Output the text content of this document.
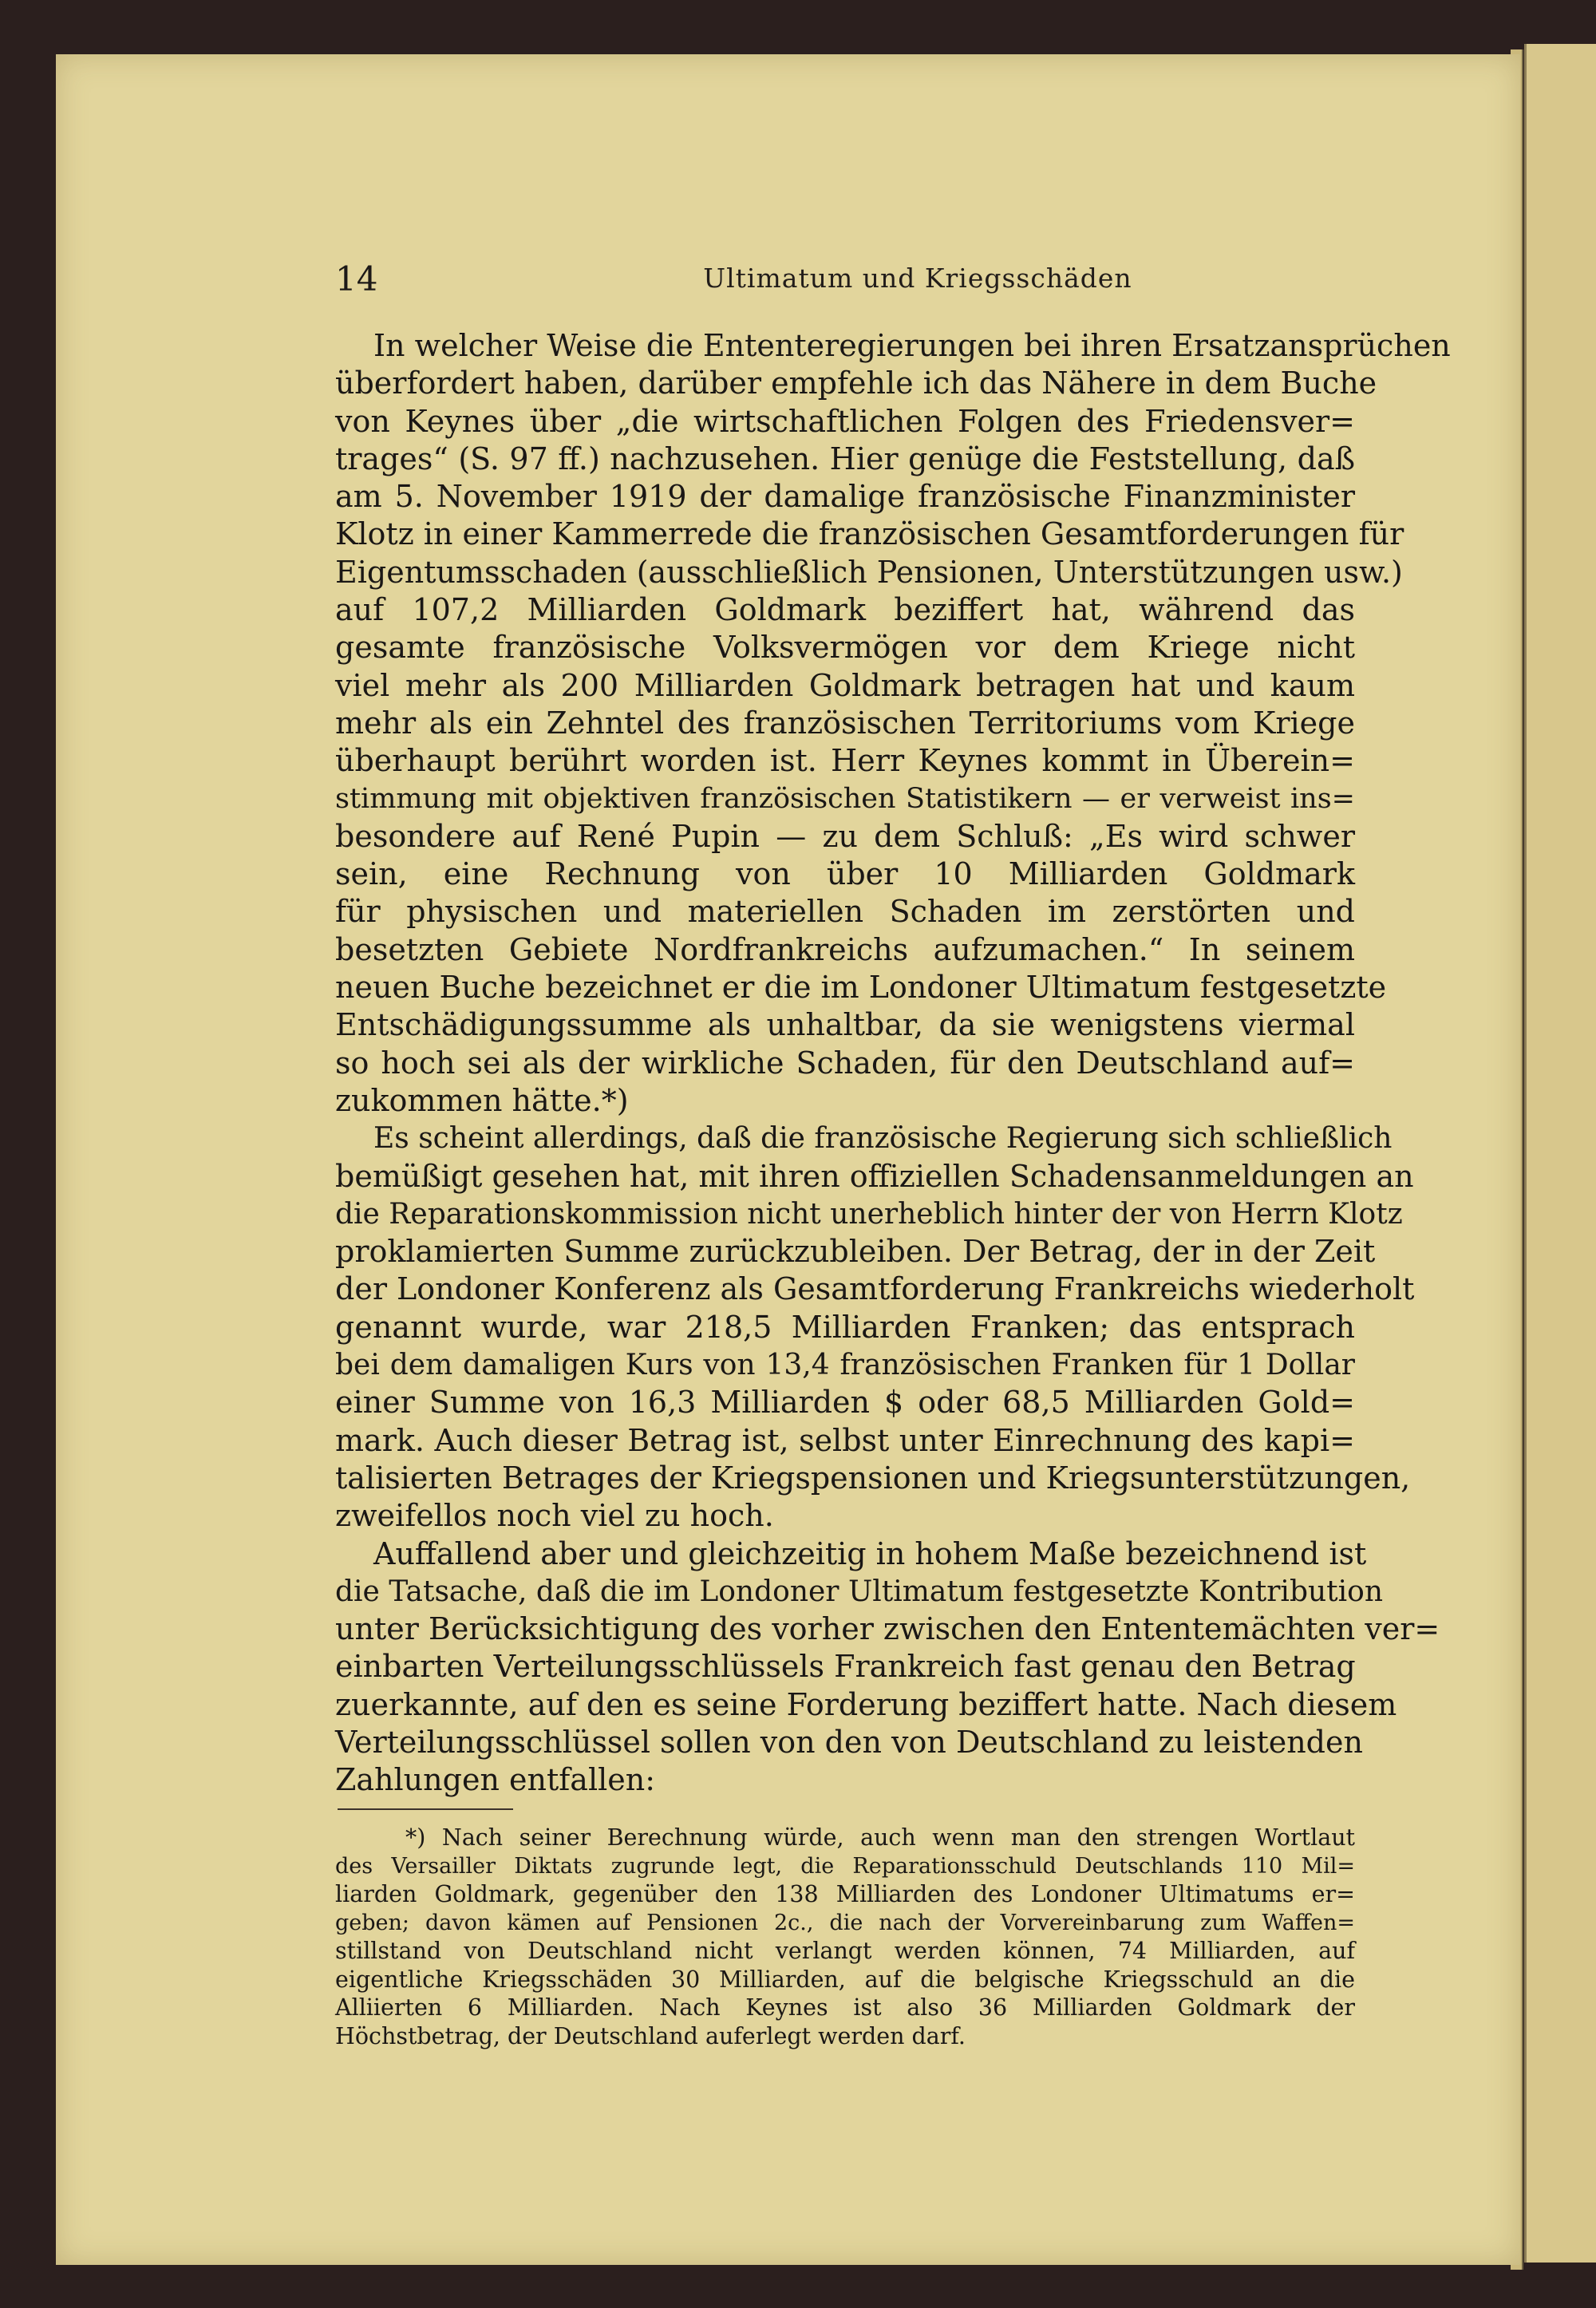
14	Ultimatum und Kriegsschäden

In welcher Weise die Ententeregierungen bei ihren Ersatzansprüchen
überfordert haben, darüber empfehle ich das Nähere in dem Buche
von Keynes über „die wirtschaftlichen Folgen des Friedensver=
trages“ (S. 97 ff.) nachzusehen. Hier genüge die Feststellung, daß
am 5. November 1919 der damalige französische Finanzminister
Klotz in einer Kammerrede die französischen Gesamtforderungen für
Eigentumsschaden (ausschließlich Pensionen, Unterstützungen usw.)
auf 107,2 Milliarden Goldmark beziffert hat, während das
gesamte französische Volksvermögen vor dem Kriege nicht
viel mehr als 200 Milliarden Goldmark betragen hat und kaum
mehr als ein Zehntel des französischen Territoriums vom Kriege
überhaupt berührt worden ist. Herr Keynes kommt in Überein=
stimmung mit objektiven französischen Statistikern — er verweist ins=
besondere auf René Pupin — zu dem Schluß: „Es wird schwer
sein, eine Rechnung von über 10 Milliarden Goldmark
für physischen und materiellen Schaden im zerstörten und
besetzten Gebiete Nordfrankreichs aufzumachen.“ In seinem
neuen Buche bezeichnet er die im Londoner Ultimatum festgesetzte
Entschädigungssumme als unhaltbar, da sie wenigstens viermal
so hoch sei als der wirkliche Schaden, für den Deutschland auf=
zukommen hätte.*)

Es scheint allerdings, daß die französische Regierung sich schließlich
bemüßigt gesehen hat, mit ihren offiziellen Schadensanmeldungen an
die Reparationskommission nicht unerheblich hinter der von Herrn Klotz
proklamierten Summe zurückzubleiben. Der Betrag, der in der Zeit
der Londoner Konferenz als Gesamtforderung Frankreichs wiederholt
genannt wurde, war 218,5 Milliarden Franken; das entsprach
bei dem damaligen Kurs von 13,4 französischen Franken für 1 Dollar
einer Summe von 16,3 Milliarden $ oder 68,5 Milliarden Gold=
mark. Auch dieser Betrag ist, selbst unter Einrechnung des kapi=
talisierten Betrages der Kriegspensionen und Kriegsunterstützungen,
zweifellos noch viel zu hoch.

Auffallend aber und gleichzeitig in hohem Maße bezeichnend ist
die Tatsache, daß die im Londoner Ultimatum festgesetzte Kontribution
unter Berücksichtigung des vorher zwischen den Ententemächten ver=
einbarten Verteilungsschlüssels Frankreich fast genau den Betrag
zuerkannte, auf den es seine Forderung beziffert hatte. Nach diesem
Verteilungsschlüssel sollen von den von Deutschland zu leistenden
Zahlungen entfallen:

*) Nach seiner Berechnung würde, auch wenn man den strengen Wortlaut
des Versailler Diktats zugrunde legt, die Reparationsschuld Deutschlands 110 Mil=
liarden Goldmark, gegenüber den 138 Milliarden des Londoner Ultimatums er=
geben; davon kämen auf Pensionen 2c., die nach der Vorvereinbarung zum Waffen=
stillstand von Deutschland nicht verlangt werden können, 74 Milliarden, auf
eigentliche Kriegsschäden 30 Milliarden, auf die belgische Kriegsschuld an die
Alliierten 6 Milliarden. Nach Keynes ist also 36 Milliarden Goldmark der
Höchstbetrag, der Deutschland auferlegt werden darf.
